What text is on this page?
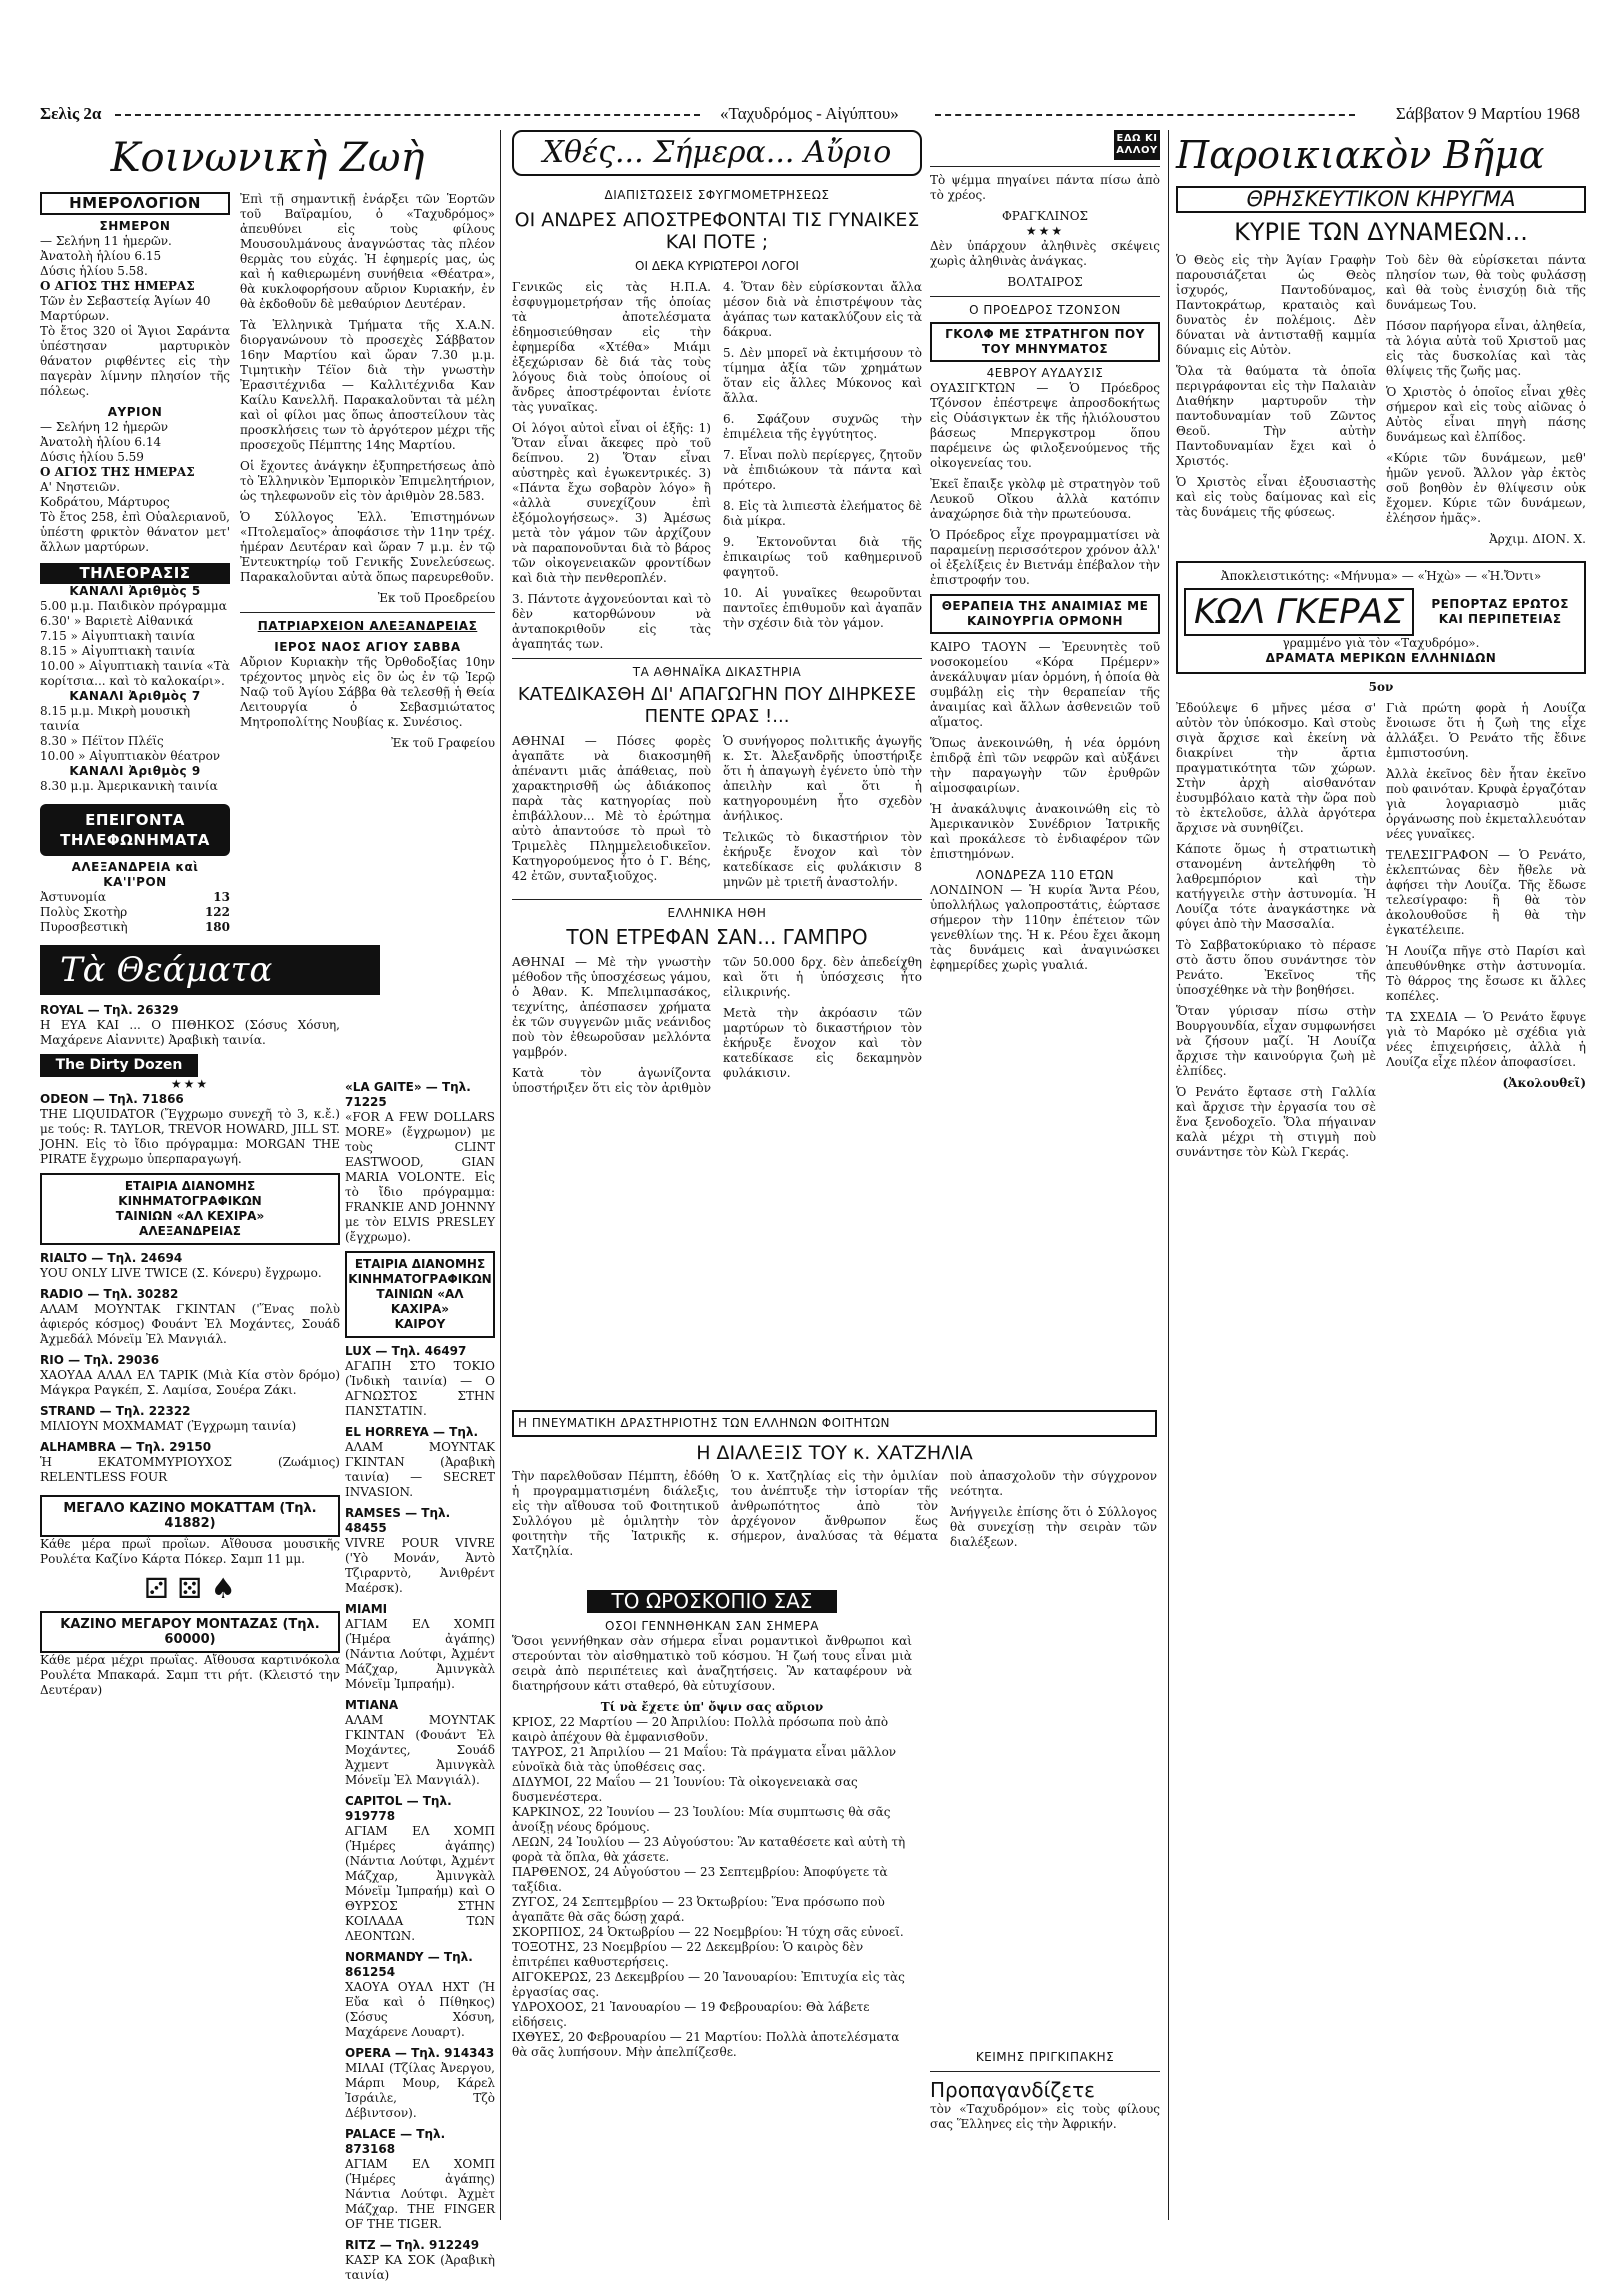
Σελὶς 2α	«Ταχυδρόμος - Αἰγύπτου»	Σάββατον 9 Μαρτίου 1968
Κοινωνικὴ Ζωὴ
ΗΜΕΡΟΛΟΓΙΟΝ
ΣΗΜΕΡΟΝ
— Σελήνη 11 ἡμερῶν.
Ἀνατολὴ ἡλίου 6.15
Δύσις ἡλίου 5.58.
Ο ΑΓΙΟΣ ΤΗΣ ΗΜΕΡΑΣ
Τῶν ἐν Σεβαστείᾳ Ἁγίων 40 Μαρτύρων.

Τὸ ἔτος 320 οἱ Ἅγιοι Σαράντα ὑπέστησαν μαρτυρικὸν θάνατον ριφθέντες εἰς τὴν παγερὰν λίμνην πλησίον τῆς πόλεως.

ΑΥΡΙΟΝ
— Σελήνη 12 ἡμερῶν
Ἀνατολὴ ἡλίου 6.14
Δύσις ἡλίου 5.59
Ο ΑΓΙΟΣ ΤΗΣ ΗΜΕΡΑΣ
Α' Νηστειῶν.
Κοδράτου, Μάρτυρος

Τὸ ἔτος 258, ἐπὶ Οὐαλεριανοῦ, ὑπέστη φρικτὸν θάνατον μετ' ἄλλων μαρτύρων.

ΤΗΛΕΟΡΑΣΙΣ
ΚΑΝΑΛΙ Ἀριθμὸς 5
5.00 μ.μ. Παιδικὸν πρόγραμμα
6.30' » Βαριετὲ Αἰθανικά
7.15 » Αἰγυπτιακὴ ταινία
8.15 » Αἰγυπτιακὴ ταινία
10.00 » Αἰγυπτιακὴ ταινία «Τὰ κορίτσια... καὶ τὸ καλοκαίρι».
ΚΑΝΑΛΙ Ἀριθμὸς 7
8.15 μ.μ. Μικρὴ μουσικὴ ταινία
8.30 » Πέϊτον Πλέϊς
10.00 » Αἰγυπτιακὸν θέατρον
ΚΑΝΑΛΙ Ἀριθμὸς 9
8.30 μ.μ. Ἀμερικανικὴ ταινία
ΕΠΕΙΓΟΝΤΑ ΤΗΛΕΦΩΝΗΜΑΤΑ
ΑΛΕΞΑΝΔΡΕΙΑ καὶ ΚΑ'Ι'ΡΟΝ
Ἀστυνομία	13
Πολὺς Σκοτὴρ	122
Πυροσβεστικὴ	180

Ἐπὶ τῇ σημαντικῇ ἐνάρξει τῶν Ἑορτῶν τοῦ Βαϊραμίου, ὁ «Ταχυδρόμος» ἀπευθύνει εἰς τοὺς φίλους Μουσουλμάνους ἀναγνώστας τὰς πλέον θερμὰς του εὐχάς. Ἡ ἐφημερίς μας, ὡς καὶ ἡ καθιερωμένη συνήθεια «Θέατρα», θὰ κυκλοφορήσουν αὔριον Κυριακήν, ἐν θὰ ἐκδοθοῦν δὲ μεθαύριον Δευτέραν.

Τὰ Ἑλληνικὰ Τμήματα τῆς Χ.Α.Ν. διοργανώνουν τὸ προσεχὲς Σάββατον 16ην Μαρτίου καὶ ὥραν 7.30 μ.μ. Τιμητικὴν Τέϊον διὰ τὴν γνωστὴν Ἐρασιτέχνιδα — Καλλιτέχνιδα Καν Καίλυ Κανελλῆ. Παρακαλοῦνται τὰ μέλη καὶ οἱ φίλοι μας ὅπως ἀποστείλουν τὰς προσκλήσεις των τὸ ἀργότερον μέχρι τῆς προσεχοῦς Πέμπτης 14ης Μαρτίου.

Οἱ ἔχοντες ἀνάγκην ἐξυπηρετήσεως ἀπὸ τὸ Ἑλληνικὸν Ἐμπορικὸν Ἐπιμελητήριον, ὡς τηλεφωνοῦν εἰς τὸν ἀριθμὸν 28.583.

Ὁ Σύλλογος Ἑλλ. Ἐπιστημόνων «Πτολεμαῖος» ἀποφάσισε τὴν 11ην τρέχ. ἡμέραν Δευτέραν καὶ ὥραν 7 μ.μ. ἐν τῷ Ἐντευκτηρίῳ τοῦ Γενικῆς Συνελεύσεως. Παρακαλοῦνται αὐτὰ ὅπως παρευρεθοῦν.

Ἐκ τοῦ Προεδρείου
ΠΑΤΡΙΑΡΧΕΙΟΝ ΑΛΕΞΑΝΔΡΕΙΑΣ
ΙΕΡΟΣ ΝΑΟΣ ΑΓΙΟΥ ΣΑΒΒΑ

Αὔριον Κυριακὴν τῆς Ὀρθοδοξίας 10ην τρέχοντος μηνὸς εἰς ὃν ὡς ἐν τῷ Ἱερῷ Ναῷ τοῦ Ἁγίου Σάββα θὰ τελεσθῇ ἡ Θεία Λειτουργία ὁ Σεβασμιώτατος Μητροπολίτης Νουβίας κ. Συνέσιος.

Ἐκ τοῦ Γραφείου
Τὰ Θεάματα
ROYAL — Τηλ. 26329

Η ΕΥΑ ΚΑΙ ... Ο ΠΙΘΗΚΟΣ (Σόσυς Χόσυη, Μαχάρενε Αἰαννιτε) Ἀραβικὴ ταινία.

The Dirty Dozen
★★★
ODEON — Τηλ. 71866

THE LIQUIDATOR (Ἔγχρωμο συνεχῆ τὸ 3, κ.ἔ.) με τούς: R. TAYLOR, TREVOR HOWARD, JILL ST. JOHN. Εἰς τὸ ἴδιο πρόγραμμα: MORGAN THE PIRATE ἔγχρωμο ὑπερπαραγωγή.

ΕΤΑΙΡΙΑ ΔΙΑΝΟΜΗΣ
ΚΙΝΗΜΑΤΟΓΡΑΦΙΚΩΝ
ΤΑΙΝΙΩΝ «ΑΛ ΚΕΧΙΡΑ»
ΑΛΕΞΑΝΔΡΕΙΑΣ
RIALTO — Τηλ. 24694

YOU ONLY LIVE TWICE (Σ. Κόνερυ) ἔγχρωμο.

RADIO — Τηλ. 30282

ΑΛΑΜ ΜΟΥΝΤΑΚ ΓΚΙΝΤΑΝ ('Ἕνας πολὺ ἀφιερός κόσμος) Φουάντ Ἐλ Μοχάντες, Σουάδ Ἀχμεδάλ Μόνεϊμ Ἐλ Μανγιάλ.

RIO — Τηλ. 29036

ΧΑΟΥΑΑ ΑΛΑΛ ΕΛ ΤΑΡΙΚ (Μιὰ Κία στὸν δρόμο) Μάγκρα Ραγκέπ, Σ. Λαμίσα, Σουέρα Ζάκι.

STRAND — Τηλ. 22322

ΜΙΛΙΟΥΝ ΜΟΧΜΑΜΑΤ (Ἐγχρωμη ταινία)

ALHAMBRA — Τηλ. 29150

Ἡ ΕΚΑΤΟΜΜΥΡΙΟΥΧΟΣ (Ζωάμιος) RELENTLESS FOUR

ΜΕΓΑΛΟ ΚΑΖΙΝΟ ΜΟΚΑΤΤΑΜ (Τηλ. 41882)

Κάθε μέρα πρωΐ προΐων. Αἴθουσα μουσικῆς Ρουλέτα Καζίνο Κάρτα Πόκερ. Σαμπ 11 μμ.

⚂ ⚄ ♠
ΚΑΖΙΝΟ ΜΕΓΑΡΟΥ ΜΟΝΤΑΖΑΣ (Τηλ. 60000)

Κάθε μέρα μέχρι πρωΐας. Αἴθουσα καρτινόκολα Ρουλέτα Μπακαρά. Σαμπ ττι ρήτ. (Κλειστό την Δευτέραν)

«LA GAITE» — Τηλ. 71225

«FOR A FEW DOLLARS MORE» (ἔγχρωμον) με τοὺς CLINT EASTWOOD, GIAN MARIA VOLONTE. Εἰς τὸ ἴδιο πρόγραμμα: FRANKIE AND JOHNNY με τὸν ELVIS PRESLEY (ἔγχρωμο).

ΕΤΑΙΡΙΑ ΔΙΑΝΟΜΗΣ
ΚΙΝΗΜΑΤΟΓΡΑΦΙΚΩΝ
ΤΑΙΝΙΩΝ «ΑΛ ΚΑΧΙΡΑ»
ΚΑΙΡΟΥ
LUX — Τηλ. 46497

ΑΓΑΠΗ ΣΤΟ ΤΟΚΙΟ (Ἰνδικὴ ταινία) — Ο ΑΓΝΩΣΤΟΣ ΣΤΗΝ ΠΑΝΣΤΑΤΙΝ.

EL HORREYA — Τηλ.

ΑΛΑΜ ΜΟΥΝΤΑΚ ΓΚΙΝΤΑΝ (Ἀραβικὴ ταινία) — SECRET INVASION.

RAMSES — Τηλ. 48455

VIVRE POUR VIVRE ('Υὸ Μονάν, Ἀντὸ Τζιραρντὸ, Ἀνιθρέντ Μαέρσκ).

MIAMI

ΑΓΙΑΜ ΕΛ ΧΟΜΠ (Ἡμέρα ἀγάπης) (Νάντια Λούτφι, Ἀχμέντ Μάζχαρ, Ἀμινγκὰλ Μόνεϊμ Ἰμπραήμ).

ΜΤΙΑΝΑ

ΑΛΑΜ ΜΟΥΝΤΑΚ ΓΚΙΝΤΑΝ (Φουάντ Ἐλ Μοχάντες, Σουάδ Ἀχμεντ Ἀμινγκὰλ Μόνεϊμ Ἐλ Μανγιάλ).

CAPITOL — Τηλ. 919778

ΑΓΙΑΜ ΕΛ ΧΟΜΠ (Ἡμέρες ἀγάπης) (Νάντια Λούτφι, Ἀχμέντ Μάζχαρ, Ἀμινγκὰλ Μόνεϊμ Ἰμπραήμ) καὶ Ο ΘΥΡΣΟΣ ΣΤΗΝ ΚΟΙΛΑΔΑ ΤΩΝ ΛΕΟΝΤΩΝ.

NORMANDY — Τηλ. 861254

ΧΑΟΥΑ ΟΥΑΛ ΗΧΤ (Ἡ Εὔα καὶ ὁ Πίθηκος) (Σόσυς Χόσυη, Μαχάρενε Λουαρτ).

OPERA — Τηλ. 914343

ΜΙΛΑΙ (Τζίλας Ἀνεργου, Μάρπι Μουρ, Κάρελ Ἰσράιλε, Τζὸ Δέβιντσον).

PALACE — Τηλ. 873168

ΑΓΙΑΜ ΕΛ ΧΟΜΠ (Ἡμέρες ἀγάπης) Νάντια Λούτφι. Ἀχμὲτ Μάζχαρ. THE FINGER OF THE TIGER.

RITZ — Τηλ. 912249

ΚΑΣΡ ΚΑ ΣΟΚ (Ἀραβικὴ ταινία)

Χθές... Σήμερα... Αὔριο
ΔΙΑΠΙΣΤΩΣΕΙΣ ΣΦΥΓΜΟΜΕΤΡΗΣΕΩΣ
ΟΙ ΑΝΔΡΕΣ ΑΠΟΣΤΡΕΦΟΝΤΑΙ ΤΙΣ ΓΥΝΑΙΚΕΣ ΚΑΙ ΠΟΤΕ ;
ΟΙ ΔΕΚΑ ΚΥΡΙΩΤΕΡΟΙ ΛΟΓΟΙ

Γενικῶς εἰς τὰς Η.Π.Α. ἐσφυγμομετρήσαν τῆς ὁποίας τὰ ἀποτελέσματα ἐδημοσιεύθησαν εἰς τὴν ἐφημερίδα «Χτέθα» Μιάμι ἐξεχώρισαν δὲ διά τὰς τοὺς λόγους διὰ τοὺς ὁποίους οἱ ἄνδρες ἀποστρέφονται ἐνίοτε τὰς γυναῖκας.

Οἱ λόγοι αὐτοὶ εἶναι οἱ ἑξῆς: 1) Ὅταν εἶναι ἄκεφες πρὸ τοῦ δείπνου. 2) Ὅταν εἶναι αὐστηρὲς καὶ ἐγωκεντρικές. 3) «Πάντα ἔχω σοβαρὸν λόγο» ἢ «ἀλλὰ συνεχίζουν ἐπὶ ἐξόμολογήσεως». 3) Ἀμέσως μετὰ τὸν γάμον τῶν ἀρχίζουν νὰ παραπονοῦνται διὰ τὸ βάρος τῶν οἰκογενειακῶν φροντίδων καὶ διὰ τὴν πενθεροπλέν.

3. Πάντοτε ἀγχονεύονται καὶ τὸ δὲν κατορθώνουν νὰ ἀνταποκριθοῦν εἰς τὰς ἀγαπητάς των.

4. Ὅταν δὲν εὑρίσκονται ἄλλα μέσον διὰ νὰ ἐπιστρέψουν τὰς ἀγάπας των κατακλύζουν εἰς τὰ δάκρυα.

5. Δὲν μπορεῖ νὰ ἐκτιμήσουν τὸ τίμημα ἀξία τῶν χρημάτων ὅταν εἰς ἄλλες Μύκονος καὶ ἄλλα.

6. Σφάζουν συχνῶς τὴν ἐπιμέλεια τῆς ἐγγύτητος.

7. Εἶναι πολὺ περίεργες, ζητοῦν νὰ ἐπιδιώκουν τὰ πάντα καὶ πρότερο.

8. Εἰς τὰ λιπιεστὰ ἐλεήματος δὲ διὰ μίκρα.

9. Ἐκτονοῦνται διὰ τῆς ἐπικαιρίως τοῦ καθημερινοῦ φαγητοῦ.

10. Αἱ γυναῖκες θεωροῦνται παντοῖες ἐπιθυμοῦν καὶ ἀγαπᾶν τὴν σχέσιν διὰ τὸν γάμον.

ΤΑ ΑΘΗΝΑΪΚΑ ΔΙΚΑΣΤΗΡΙΑ
ΚΑΤΕΔΙΚΑΣΘΗ ΔΙ' ΑΠΑΓΩΓΗΝ ΠΟΥ ΔΙΗΡΚΕΣΕ ΠΕΝΤΕ ΩΡΑΣ !...

ΑΘΗΝΑΙ — Πόσες φορὲς ἀγαπᾶτε νὰ διακοσμηθῆ ἀπέναντι μιᾶς ἀπάθειας, ποὺ χαρακτηρισθῆ ὡς ἀδιάκοπος παρὰ τὰς κατηγορίας ποὺ ἐπιβάλλουν... Μὲ τὸ ἐρώτημα αὐτὸ ἀπαντούσε τὸ πρωὶ τὸ Τριμελὲς Πλημμελειοδικεῖον. Κατηγορούμενος ἦτο ὁ Γ. Βέης, 42 ἐτῶν, συνταξιοῦχος.

Ὁ συνήγορος πολιτικῆς ἀγωγῆς κ. Στ. Ἀλεξανδρῆς ὑποστήριξε ὅτι ἡ ἀπαγωγὴ ἐγένετο ὑπὸ τὴν ἀπειλὴν καὶ ὅτι ἡ κατηγορουμένη ἦτο σχεδὸν ἀνήλικος.

Τελικῶς τὸ δικαστήριον τὸν ἐκήρυξε ἔνοχον καὶ τὸν κατεδίκασε εἰς φυλάκισιν 8 μηνῶν μὲ τριετῆ ἀναστολήν.

ΕΛΛΗΝΙΚΑ ΗΘΗ
ΤΟΝ ΕΤΡΕΦΑΝ ΣΑΝ... ΓΑΜΠΡΟ

ΑΘΗΝΑΙ — Μὲ τὴν γνωστὴν μέθοδον τῆς ὑποσχέσεως γάμου, ὁ Ἀθαν. Κ. Μπελιμπασάκος, τεχνίτης, ἀπέσπασεν χρήματα ἐκ τῶν συγγενῶν μιᾶς νεάνιδος ποὺ τὸν ἐθεωροῦσαν μελλόντα γαμβρόν.

Κατὰ τὸν ἀγωνίζοντα ὑποστήριξεν ὅτι εἰς τὸν ἀριθμὸν τῶν 50.000 δρχ. δὲν ἀπεδείχθη καὶ ὅτι ἡ ὑπόσχεσις ἦτο εἰλικρινής.

Μετὰ τὴν ἀκρόασιν τῶν μαρτύρων τὸ δικαστήριον τὸν ἐκήρυξε ἔνοχον καὶ τὸν κατεδίκασε εἰς δεκαμηνὸν φυλάκισιν.

Η ΠΝΕΥΜΑΤΙΚΗ ΔΡΑΣΤΗΡΙΟΤΗΣ ΤΩΝ ΕΛΛΗΝΩΝ ΦΟΙΤΗΤΩΝ
Η ΔΙΑΛΕΞΙΣ ΤΟΥ κ. ΧΑΤΖΗΛΙΑ

Τὴν παρελθοῦσαν Πέμπτη, ἐδόθη ἡ προγραμματισμένη διάλεξις, εἰς τὴν αἴθουσα τοῦ Φοιτητικοῦ Συλλόγου μὲ ὁμιλητὴν τὸν φοιτητὴν τῆς Ἰατρικῆς κ. Χατζηλία.

Ὁ κ. Χατζηλίας εἰς τὴν ὁμιλίαν του ἀνέπτυξε τὴν ἱστορίαν τῆς ἀνθρωπότητος ἀπὸ τὸν ἀρχέγονον ἄνθρωπον ἕως σήμερον, ἀναλύσας τὰ θέματα ποὺ ἀπασχολοῦν τὴν σύγχρονον νεότητα.

Ἀνήγγειλε ἐπίσης ὅτι ὁ Σύλλογος θὰ συνεχίσῃ τὴν σειρὰν τῶν διαλέξεων.

ΤΟ ΩΡΟΣΚΟΠΙΟ ΣΑΣ
ΟΣΟΙ ΓΕΝΝΗΘΗΚΑΝ ΣΑΝ ΣΗΜΕΡΑ

Ὅσοι γεννήθηκαν σὰν σήμερα εἶναι ρομαντικοὶ ἄνθρωποι καὶ στερούνται τὸν αἰσθηματικὸ τοῦ κόσμου. Ἡ ζωή τους εἶναι μιὰ σειρὰ ἀπὸ περιπέτειες καὶ ἀναζητήσεις. Ἂν καταφέρουν νὰ διατηρήσουν κάτι σταθερό, θὰ εὐτυχίσουν.

Τί νὰ ἔχετε ὑπ' ὄψιν σας αὔριον
ΚΡΙΟΣ, 22 Μαρτίου — 20 Ἀπριλίου: Πολλὰ πρόσωπα ποὺ ἀπὸ καιρὸ ἀπέχουν θὰ ἐμφανισθοῦν.
ΤΑΥΡΟΣ, 21 Ἀπριλίου — 21 Μαΐου: Τὰ πράγματα εἶναι μᾶλλον εὐνοϊκὰ διὰ τὰς ὑποθέσεις σας.
ΔΙΔΥΜΟΙ, 22 Μαΐου — 21 Ἰουνίου: Τὰ οἰκογενειακὰ σας δυσμενέστερα.
ΚΑΡΚΙΝΟΣ, 22 Ἰουνίου — 23 Ἰουλίου: Μία συμπτωσις θὰ σᾶς ἀνοίξῃ νέους δρόμους.
ΛΕΩΝ, 24 Ἰουλίου — 23 Αὐγούστου: Ἂν καταθέσετε καὶ αὐτὴ τὴ φορὰ τὰ ὅπλα, θὰ χάσετε.
ΠΑΡΘΕΝΟΣ, 24 Αὐγούστου — 23 Σεπτεμβρίου: Ἀποφύγετε τὰ ταξίδια.
ΖΥΓΟΣ, 24 Σεπτεμβρίου — 23 Ὀκτωβρίου: Ἕνα πρόσωπο ποὺ ἀγαπᾶτε θὰ σᾶς δώσῃ χαρά.
ΣΚΟΡΠΙΟΣ, 24 Ὀκτωβρίου — 22 Νοεμβρίου: Ἡ τύχη σᾶς εὐνοεῖ.
ΤΟΞΟΤΗΣ, 23 Νοεμβρίου — 22 Δεκεμβρίου: Ὁ καιρὸς δὲν ἐπιτρέπει καθυστερήσεις.
ΑΙΓΟΚΕΡΩΣ, 23 Δεκεμβρίου — 20 Ἰανουαρίου: Ἐπιτυχία εἰς τὰς ἐργασίας σας.
ΥΔΡΟΧΟΟΣ, 21 Ἰανουαρίου — 19 Φεβρουαρίου: Θὰ λάβετε εἰδήσεις.
ΙΧΘΥΕΣ, 20 Φεβρουαρίου — 21 Μαρτίου: Πολλὰ ἀποτελέσματα θὰ σᾶς λυπήσουν. Μὴν ἀπελπίζεσθε.
ΕΔΩ ΚΙ ΑΛΛΟΥ

Τὸ ψέμμα πηγαίνει πάντα πίσω ἀπὸ τὸ χρέος.

ΦΡΑΓΚΛΙΝΟΣ
★★★

Δὲν ὑπάρχουν ἀληθινὲς σκέψεις χωρὶς ἀληθινὰς ἀνάγκας.

ΒΟΛΤΑΙΡΟΣ
Ο ΠΡΟΕΔΡΟΣ ΤΖΟΝΣΟΝ
ΓΚΟΛΦ ΜΕ ΣΤΡΑΤΗΓΟΝ ΠΟΥ ΤΟΥ ΜΗΝΥΜΑΤΟΣ
4ΕΒΡΟΥ ΑΥΔΑΥΣΙΣ

ΟΥΑΣΙΓΚΤΩΝ — Ὁ Πρόεδρος Τζόνσον ἐπέστρεψε ἀπροσδοκήτως εἰς Οὐάσιγκτων ἐκ τῆς ἡλιόλουστου βάσεως Μπεργκστρομ ὅπου παρέμεινε ὡς φιλοξενούμενος τῆς οἰκογενείας του.

Ἐκεῖ ἔπαιξε γκὸλφ μὲ στρατηγὸν τοῦ Λευκοῦ Οἴκου ἀλλὰ κατόπιν ἀναχώρησε διὰ τὴν πρωτεύουσα.

Ὁ Πρόεδρος εἶχε προγραμματίσει νὰ παραμείνῃ περισσότερον χρόνον ἀλλ' οἱ ἐξελίξεις ἐν Βιετνάμ ἐπέβαλον τὴν ἐπιστροφήν του.

ΘΕΡΑΠΕΙΑ ΤΗΣ ΑΝΑΙΜΙΑΣ ΜΕ ΚΑΙΝΟΥΡΓΙΑ ΟΡΜΟΝΗ

ΚΑΙΡΟ ΤΑΟΥΝ — Ἐρευνητὲς τοῦ νοσοκομείου «Κόρα Πρέμερν» ἀνεκάλυψαν μίαν ὁρμόνη, ἡ ὁποία θὰ συμβάλῃ εἰς τὴν θεραπείαν τῆς ἀναιμίας καὶ ἄλλων ἀσθενειῶν τοῦ αἵματος.

Ὅπως ἀνεκοινώθη, ἡ νέα ὁρμόνη ἐπιδρᾷ ἐπὶ τῶν νεφρῶν καὶ αὐξάνει τὴν παραγωγὴν τῶν ἐρυθρῶν αἱμοσφαιρίων.

Ἡ ἀνακάλυψις ἀνακοινώθη εἰς τὸ Ἀμερικανικὸν Συνέδριον Ἰατρικῆς καὶ προκάλεσε τὸ ἐνδιαφέρον τῶν ἐπιστημόνων.

ΛΟΝΔΡΕΖΑ 110 ΕΤΩΝ

ΛΟΝΔΙΝΟΝ — Ἡ κυρία Ἄντα Ρέου, ὑπολλήλως γαλοπροστάτις, ἐώρτασε σήμερον τὴν 110ην ἐπέτειον τῶν γενεθλίων της. Ἡ κ. Ρέου ἔχει ἄκομη τὰς δυνάμεις καὶ ἀναγινώσκει ἐφημερίδες χωρὶς γυαλιά.

ΚΕΙΜΗΣ ΠΡΙΓΚΙΠΑΚΗΣ
Προπαγανδίζετε

τὸν «Ταχυδρόμον» εἰς τοὺς φίλους σας Ἕλληνες εἰς τὴν Ἀφρικήν.

Παροικιακὸν Βῆμα
ΘΡΗΣΚΕΥΤΙΚΟΝ ΚΗΡΥΓΜΑ
ΚΥΡΙΕ ΤΩΝ ΔΥΝΑΜΕΩΝ...

Ὁ Θεὸς εἰς τὴν Ἁγίαν Γραφὴν παρουσιάζεται ὡς Θεὸς ἰσχυρός, Παντοδύναμος, Παντοκράτωρ, κραταιὸς καὶ δυνατὸς ἐν πολέμοις. Δὲν δύναται νὰ ἀντισταθῇ καμμία δύναμις εἰς Αὐτὸν.

Ὅλα τὰ θαύματα τὰ ὁποῖα περιγράφονται εἰς τὴν Παλαιὰν Διαθήκην μαρτυροῦν τὴν παντοδυναμίαν τοῦ Ζῶντος Θεοῦ. Τὴν αὐτὴν Παντοδυναμίαν ἔχει καὶ ὁ Χριστός.

Ὁ Χριστὸς εἶναι ἐξουσιαστὴς καὶ εἰς τοὺς δαίμονας καὶ εἰς τὰς δυνάμεις τῆς φύσεως.

Τοὺ δὲν θὰ εὑρίσκεται πάντα πλησίον των, θὰ τοὺς φυλάσσῃ καὶ θὰ τοὺς ἐνισχύῃ διὰ τῆς δυνάμεως Του.

Πόσον παρήγορα εἶναι, ἀληθεία, τὰ λόγια αὐτὰ τοῦ Χριστοῦ μας εἰς τὰς δυσκολίας καὶ τὰς θλίψεις τῆς ζωῆς μας.

Ὁ Χριστὸς ὁ ὁποῖος εἶναι χθὲς σήμερον καὶ εἰς τοὺς αἰῶνας ὁ Αὐτὸς εἶναι πηγὴ πάσης δυνάμεως καὶ ἐλπίδος.

«Κύριε τῶν δυνάμεων, μεθ' ἡμῶν γενοῦ. Ἄλλον γὰρ ἐκτὸς σοῦ βοηθὸν ἐν θλίψεσιν οὐκ ἔχομεν. Κύριε τῶν δυνάμεων, ἐλέησον ἡμᾶς».

Ἀρχιμ. ΔΙΟΝ. Χ.
Ἀποκλειστικότης: «Μήνυμα» — «Ἡχὼ» — «Ἠ.Ὄντι»
ΚΩΛ ΓΚΕΡΑΣ	ΡΕΠΟΡΤΑΖ ΕΡΩΤΟΣ ΚΑΙ ΠΕΡΙΠΕΤΕΙΑΣ
γραμμένο γιὰ τὸν «Ταχυδρόμο».
ΔΡΑΜΑΤΑ ΜΕΡΙΚΩΝ ΕΛΛΗΝΙΔΩΝ
5ον

Ἐδούλεψε 6 μῆνες μέσα σ' αὐτὸν τὸν ὑπόκοσμο. Καὶ στοὺς σιγὰ ἄρχισε καὶ ἐκείνη νὰ διακρίνει τὴν ἄρτια πραγματικότητα τῶν χώρων. Στὴν ἀρχὴ αἰσθανόταν ἐυσυμβόλαιο κατὰ τὴν ὥρα ποὺ τὸ ἐκτελοῦσε, ἀλλὰ ἀργότερα ἄρχισε νὰ συνηθίζει.

Κάποτε ὅμως ἡ στρατιωτικὴ στανομένη ἀντελήφθη τὸ λαθρεμπόριον καὶ τὴν κατήγγειλε στὴν ἀστυνομία. Ἡ Λουίζα τότε ἀναγκάστηκε νὰ φύγει ἀπὸ τὴν Μασσαλία.

Τὸ Σαββατοκύριακο τὸ πέρασε στὸ ἄστυ ὅπου συνάντησε τὸν Ρενάτο. Ἐκεῖνος τῆς ὑποσχέθηκε νὰ τὴν βοηθήσει.

Ὅταν γύρισαν πίσω στὴν Βουργουνδία, εἶχαν συμφωνήσει νὰ ζήσουν μαζί. Ἡ Λουίζα ἄρχισε τὴν καινούργια ζωὴ μὲ ἐλπίδες.

Ὁ Ρενάτο ἔφτασε στὴ Γαλλία καὶ ἄρχισε τὴν ἐργασία του σὲ ἕνα ξενοδοχεῖο. Ὅλα πήγαιναν καλὰ μέχρι τὴ στιγμὴ ποὺ συνάντησε τὸν Κὼλ Γκεράς.

Γιὰ πρώτη φορὰ ἡ Λουίζα ἔνοιωσε ὅτι ἡ ζωὴ της εἶχε ἀλλάξει. Ὁ Ρενάτο τῆς ἔδινε ἐμπιστοσύνη.

Ἀλλὰ ἐκεῖνος δὲν ἦταν ἐκεῖνο ποὺ φαινόταν. Κρυφὰ ἐργαζόταν γιὰ λογαριασμὸ μιᾶς ὀργάνωσης ποὺ ἐκμεταλλευόταν νέες γυναῖκες.

ΤΕΛΕΣΙΓΡΑΦΟΝ — Ὁ Ρενάτο, ἐκλεπτώνας δὲν ἤθελε νὰ ἀφήσει τὴν Λουίζα. Τῆς ἔδωσε τελεσίγραφο: ἢ θὰ τὸν ἀκολουθοῦσε ἢ θὰ τὴν ἐγκατέλειπε.

Ἡ Λουίζα πῆγε στὸ Παρίσι καὶ ἀπευθύνθηκε στὴν ἀστυνομία. Τὸ θάρρος της ἔσωσε κι ἄλλες κοπέλες.

ΤΑ ΣΧΕΔΙΑ — Ὁ Ρενάτο ἔφυγε γιὰ τὸ Μαρόκο μὲ σχέδια γιὰ νέες ἐπιχειρήσεις, ἀλλὰ ἡ Λουίζα εἶχε πλέον ἀποφασίσει.

(Ἀκολουθεῖ)
